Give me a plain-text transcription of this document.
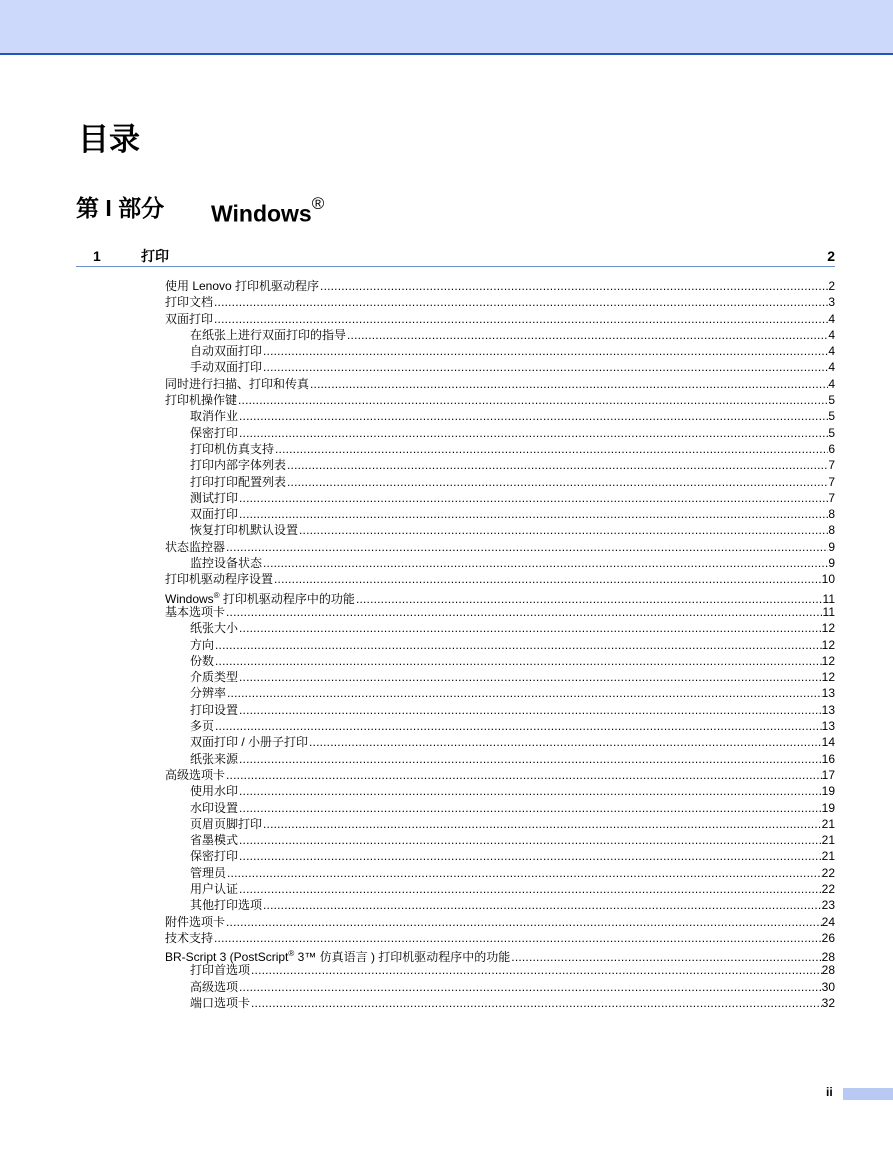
目录
第 I 部分 Windows®
1	打印	2
使用 Lenovo 打印机驱动程序 .....	2
打印文档 .....	3
双面打印 .....	4
在纸张上进行双面打印的指导 .....	4
自动双面打印 .....	4
手动双面打印 .....	4
同时进行扫描、打印和传真 .....	4
打印机操作键 .....	5
取消作业 .....	5
保密打印 .....	5
打印机仿真支持 .....	6
打印内部字体列表 .....	7
打印打印配置列表 .....	7
测试打印 .....	7
双面打印 .....	8
恢复打印机默认设置 .....	8
状态监控器 .....	9
监控设备状态 .....	9
打印机驱动程序设置 .....	10
Windows® 打印机驱动程序中的功能 .....	11
基本选项卡 .....	11
纸张大小 .....	12
方向 .....	12
份数 .....	12
介质类型 .....	12
分辨率 .....	13
打印设置 .....	13
多页 .....	13
双面打印 / 小册子打印 .....	14
纸张来源 .....	16
高级选项卡 .....	17
使用水印 .....	19
水印设置 .....	19
页眉页脚打印 .....	21
省墨模式 .....	21
保密打印 .....	21
管理员 .....	22
用户认证 .....	22
其他打印选项 .....	23
附件选项卡 .....	24
技术支持 .....	26
BR-Script 3 (PostScript® 3™ 仿真语言 ) 打印机驱动程序中的功能 .....	28
打印首选项 .....	28
高级选项 .....	30
端口选项卡 .....	32
ii
